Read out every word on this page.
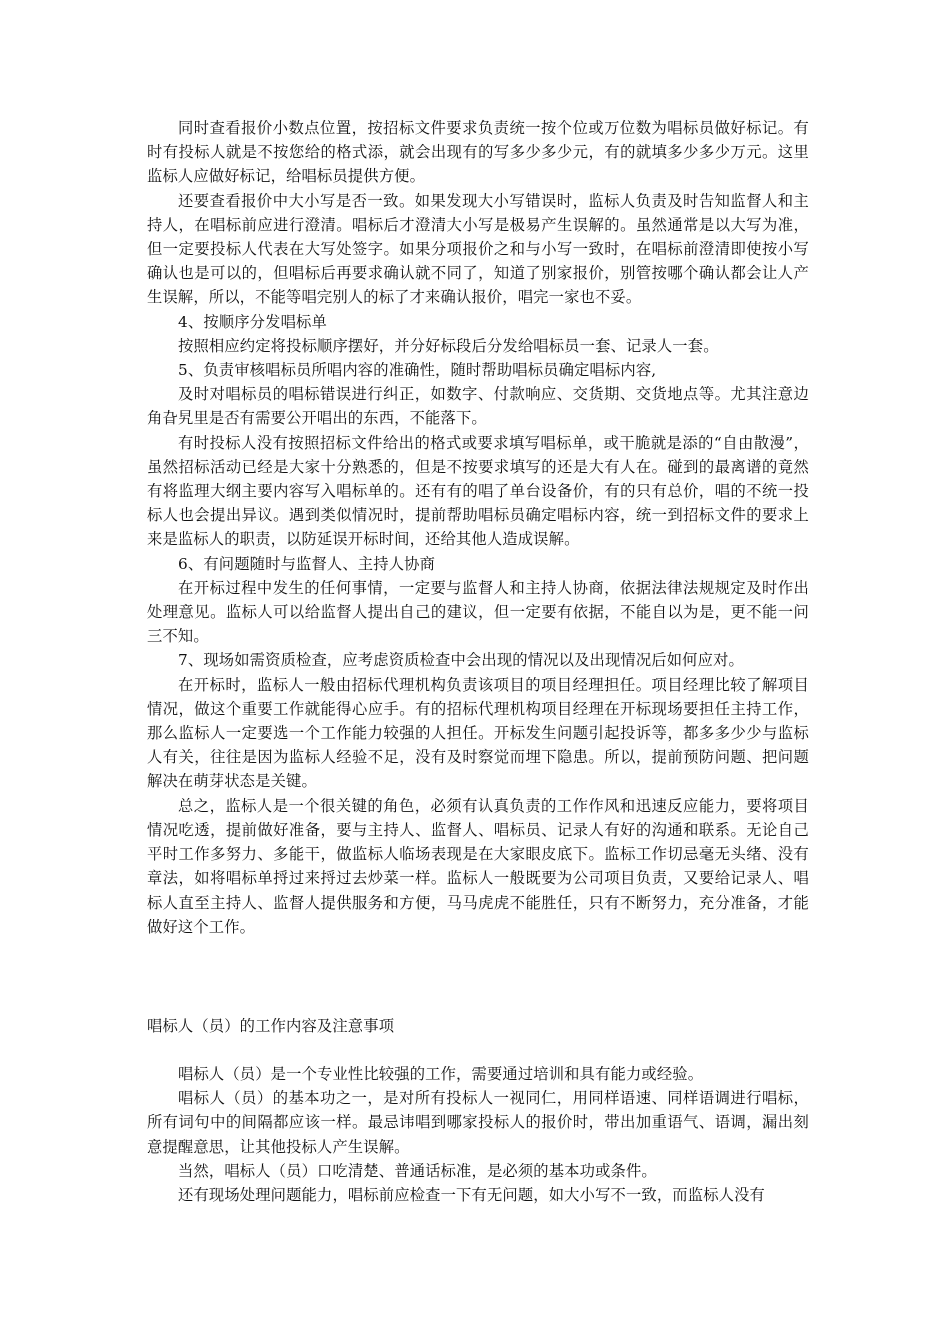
同时查看报价小数点位置，按招标文件要求负责统一按个位或万位数为唱标员做好标记。有时有投标人就是不按您给的格式添，就会出现有的写多少多少元，有的就填多少多少万元。这里监标人应做好标记，给唱标员提供方便。

还要查看报价中大小写是否一致。如果发现大小写错误时，监标人负责及时告知监督人和主持人，在唱标前应进行澄清。唱标后才澄清大小写是极易产生误解的。虽然通常是以大写为准，但一定要投标人代表在大写处签字。如果分项报价之和与小写一致时，在唱标前澄清即使按小写确认也是可以的，但唱标后再要求确认就不同了，知道了别家报价，别管按哪个确认都会让人产生误解，所以，不能等唱完别人的标了才来确认报价，唱完一家也不妥。

4、按顺序分发唱标单

按照相应约定将投标顺序摆好，并分好标段后分发给唱标员一套、记录人一套。

5、负责审核唱标员所唱内容的准确性，随时帮助唱标员确定唱标内容,

及时对唱标员的唱标错误进行纠正，如数字、付款响应、交货期、交货地点等。尤其注意边角旮旯里是否有需要公开唱出的东西，不能落下。

有时投标人没有按照招标文件给出的格式或要求填写唱标单，或干脆就是添的“自由散漫”，虽然招标活动已经是大家十分熟悉的，但是不按要求填写的还是大有人在。碰到的最离谱的竟然有将监理大纲主要内容写入唱标单的。还有有的唱了单台设备价，有的只有总价，唱的不统一投标人也会提出异议。遇到类似情况时，提前帮助唱标员确定唱标内容，统一到招标文件的要求上来是监标人的职责，以防延误开标时间，还给其他人造成误解。

6、有问题随时与监督人、主持人协商

在开标过程中发生的任何事情，一定要与监督人和主持人协商，依据法律法规规定及时作出处理意见。监标人可以给监督人提出自己的建议，但一定要有依据，不能自以为是，更不能一问三不知。

7、现场如需资质检查，应考虑资质检查中会出现的情况以及出现情况后如何应对。

在开标时，监标人一般由招标代理机构负责该项目的项目经理担任。项目经理比较了解项目情况，做这个重要工作就能得心应手。有的招标代理机构项目经理在开标现场要担任主持工作，那么监标人一定要选一个工作能力较强的人担任。开标发生问题引起投诉等，都多多少少与监标人有关，往往是因为监标人经验不足，没有及时察觉而埋下隐患。所以，提前预防问题、把问题解决在萌芽状态是关键。

总之，监标人是一个很关键的角色，必须有认真负责的工作作风和迅速反应能力，要将项目情况吃透，提前做好准备，要与主持人、监督人、唱标员、记录人有好的沟通和联系。无论自己平时工作多努力、多能干，做监标人临场表现是在大家眼皮底下。监标工作切忌毫无头绪、没有章法，如将唱标单捋过来捋过去炒菜一样。监标人一般既要为公司项目负责，又要给记录人、唱标人直至主持人、监督人提供服务和方便，马马虎虎不能胜任，只有不断努力，充分准备，才能做好这个工作。

唱标人（员）的工作内容及注意事项

唱标人（员）是一个专业性比较强的工作，需要通过培训和具有能力或经验。

唱标人（员）的基本功之一，是对所有投标人一视同仁，用同样语速、同样语调进行唱标，所有词句中的间隔都应该一样。最忌讳唱到哪家投标人的报价时，带出加重语气、语调，漏出刻意提醒意思，让其他投标人产生误解。

当然，唱标人（员）口吃清楚、普通话标准，是必须的基本功或条件。

还有现场处理问题能力，唱标前应检查一下有无问题，如大小写不一致，而监标人没有
